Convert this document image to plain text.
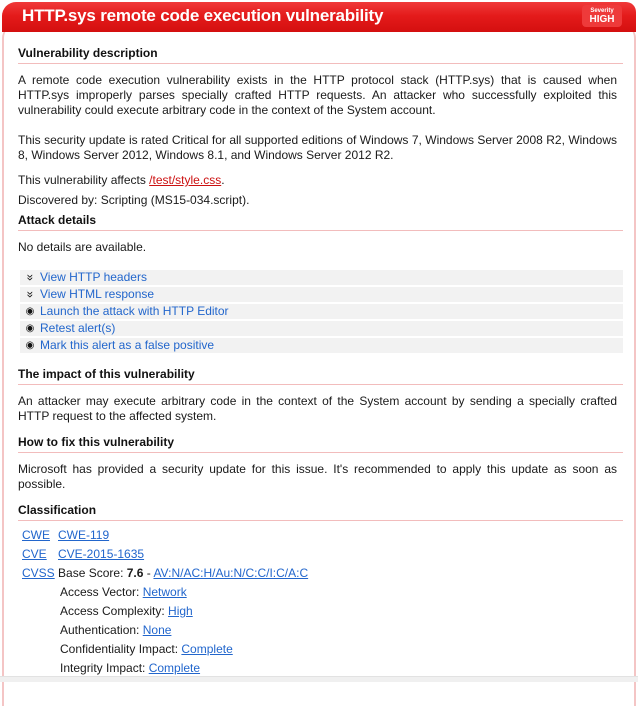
HTTP.sys remote code execution vulnerability	Severity
HIGH
Vulnerability description
A remote code execution vulnerability exists in the HTTP protocol stack (HTTP.sys) that is caused when HTTP.sys improperly parses specially crafted HTTP requests. An attacker who successfully exploited this vulnerability could execute arbitrary code in the context of the System account.
This security update is rated Critical for all supported editions of Windows 7, Windows Server 2008 R2, Windows 8, Windows Server 2012, Windows 8.1, and Windows Server 2012 R2.
This vulnerability affects /test/style.css.
Discovered by: Scripting (MS15-034.script).
Attack details
No details are available.
» View HTTP headers
» View HTML response
◉ Launch the attack with HTTP Editor
◉ Retest alert(s)
◉ Mark this alert as a false positive
The impact of this vulnerability
An attacker may execute arbitrary code in the context of the System account by sending a specially crafted HTTP request to the affected system.
How to fix this vulnerability
Microsoft has provided a security update for this issue. It's recommended to apply this update as soon as possible.
Classification
CWE CWE-119
CVE CVE-2015-1635
CVSS Base Score: 7.6 - AV:N/AC:H/Au:N/C:C/I:C/A:C
Access Vector: Network
Access Complexity: High
Authentication: None
Confidentiality Impact: Complete
Integrity Impact: Complete
